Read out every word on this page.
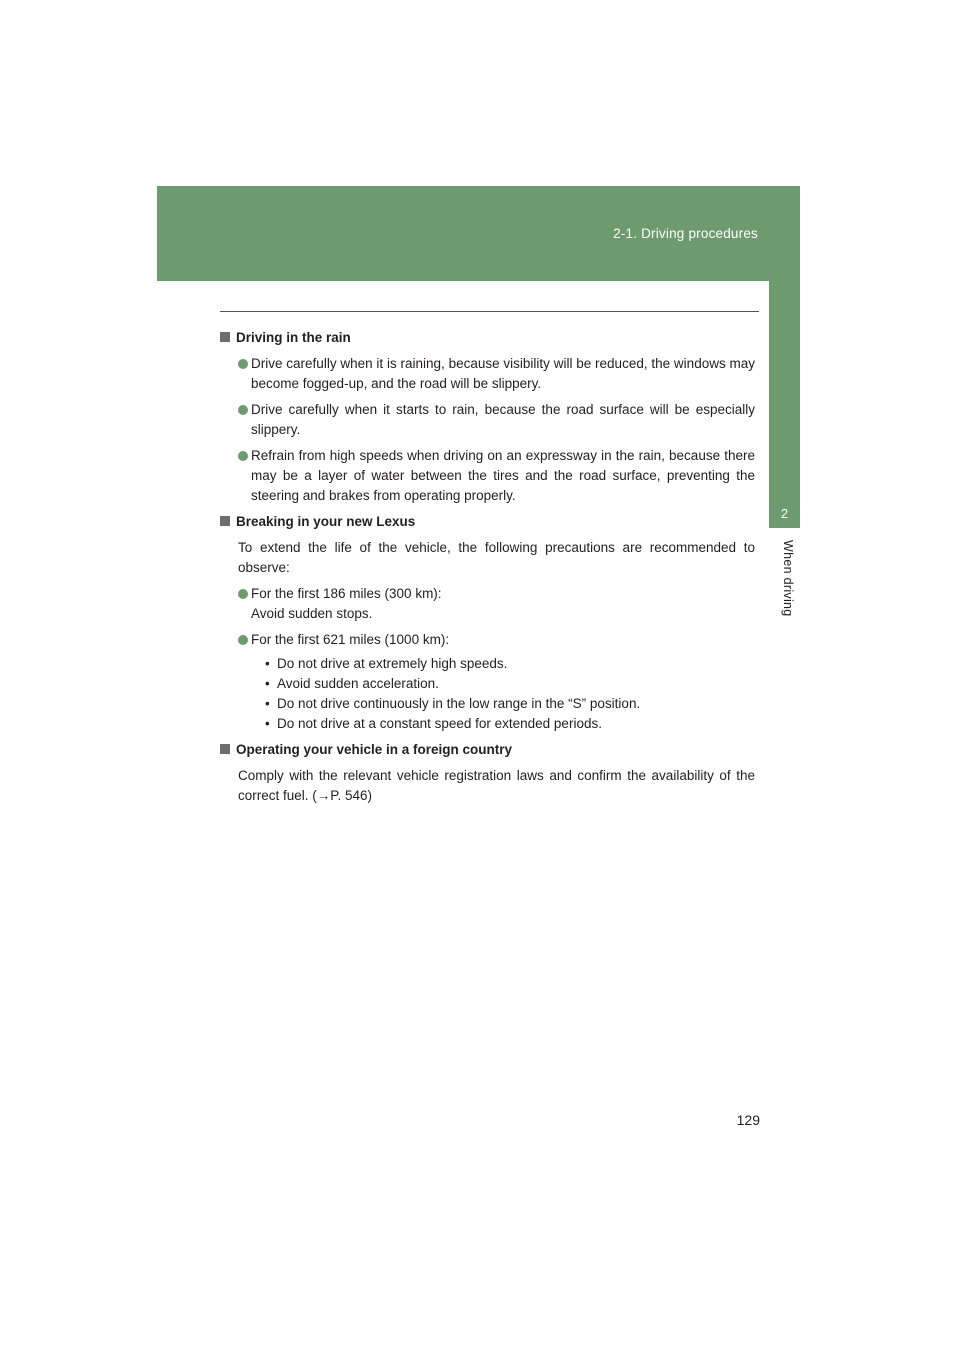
2-1. Driving procedures
2
When driving
Driving in the rain
Drive carefully when it is raining, because visibility will be reduced, the windows may become fogged-up, and the road will be slippery.
Drive carefully when it starts to rain, because the road surface will be especially slippery.
Refrain from high speeds when driving on an expressway in the rain, because there may be a layer of water between the tires and the road surface, preventing the steering and brakes from operating properly.
Breaking in your new Lexus
To extend the life of the vehicle, the following precautions are recommended to observe:
For the first 186 miles (300 km):
Avoid sudden stops.
For the first 621 miles (1000 km):
• Do not drive at extremely high speeds.
• Avoid sudden acceleration.
• Do not drive continuously in the low range in the “S” position.
• Do not drive at a constant speed for extended periods.
Operating your vehicle in a foreign country
Comply with the relevant vehicle registration laws and confirm the availability of the correct fuel. (→P. 546)
129
